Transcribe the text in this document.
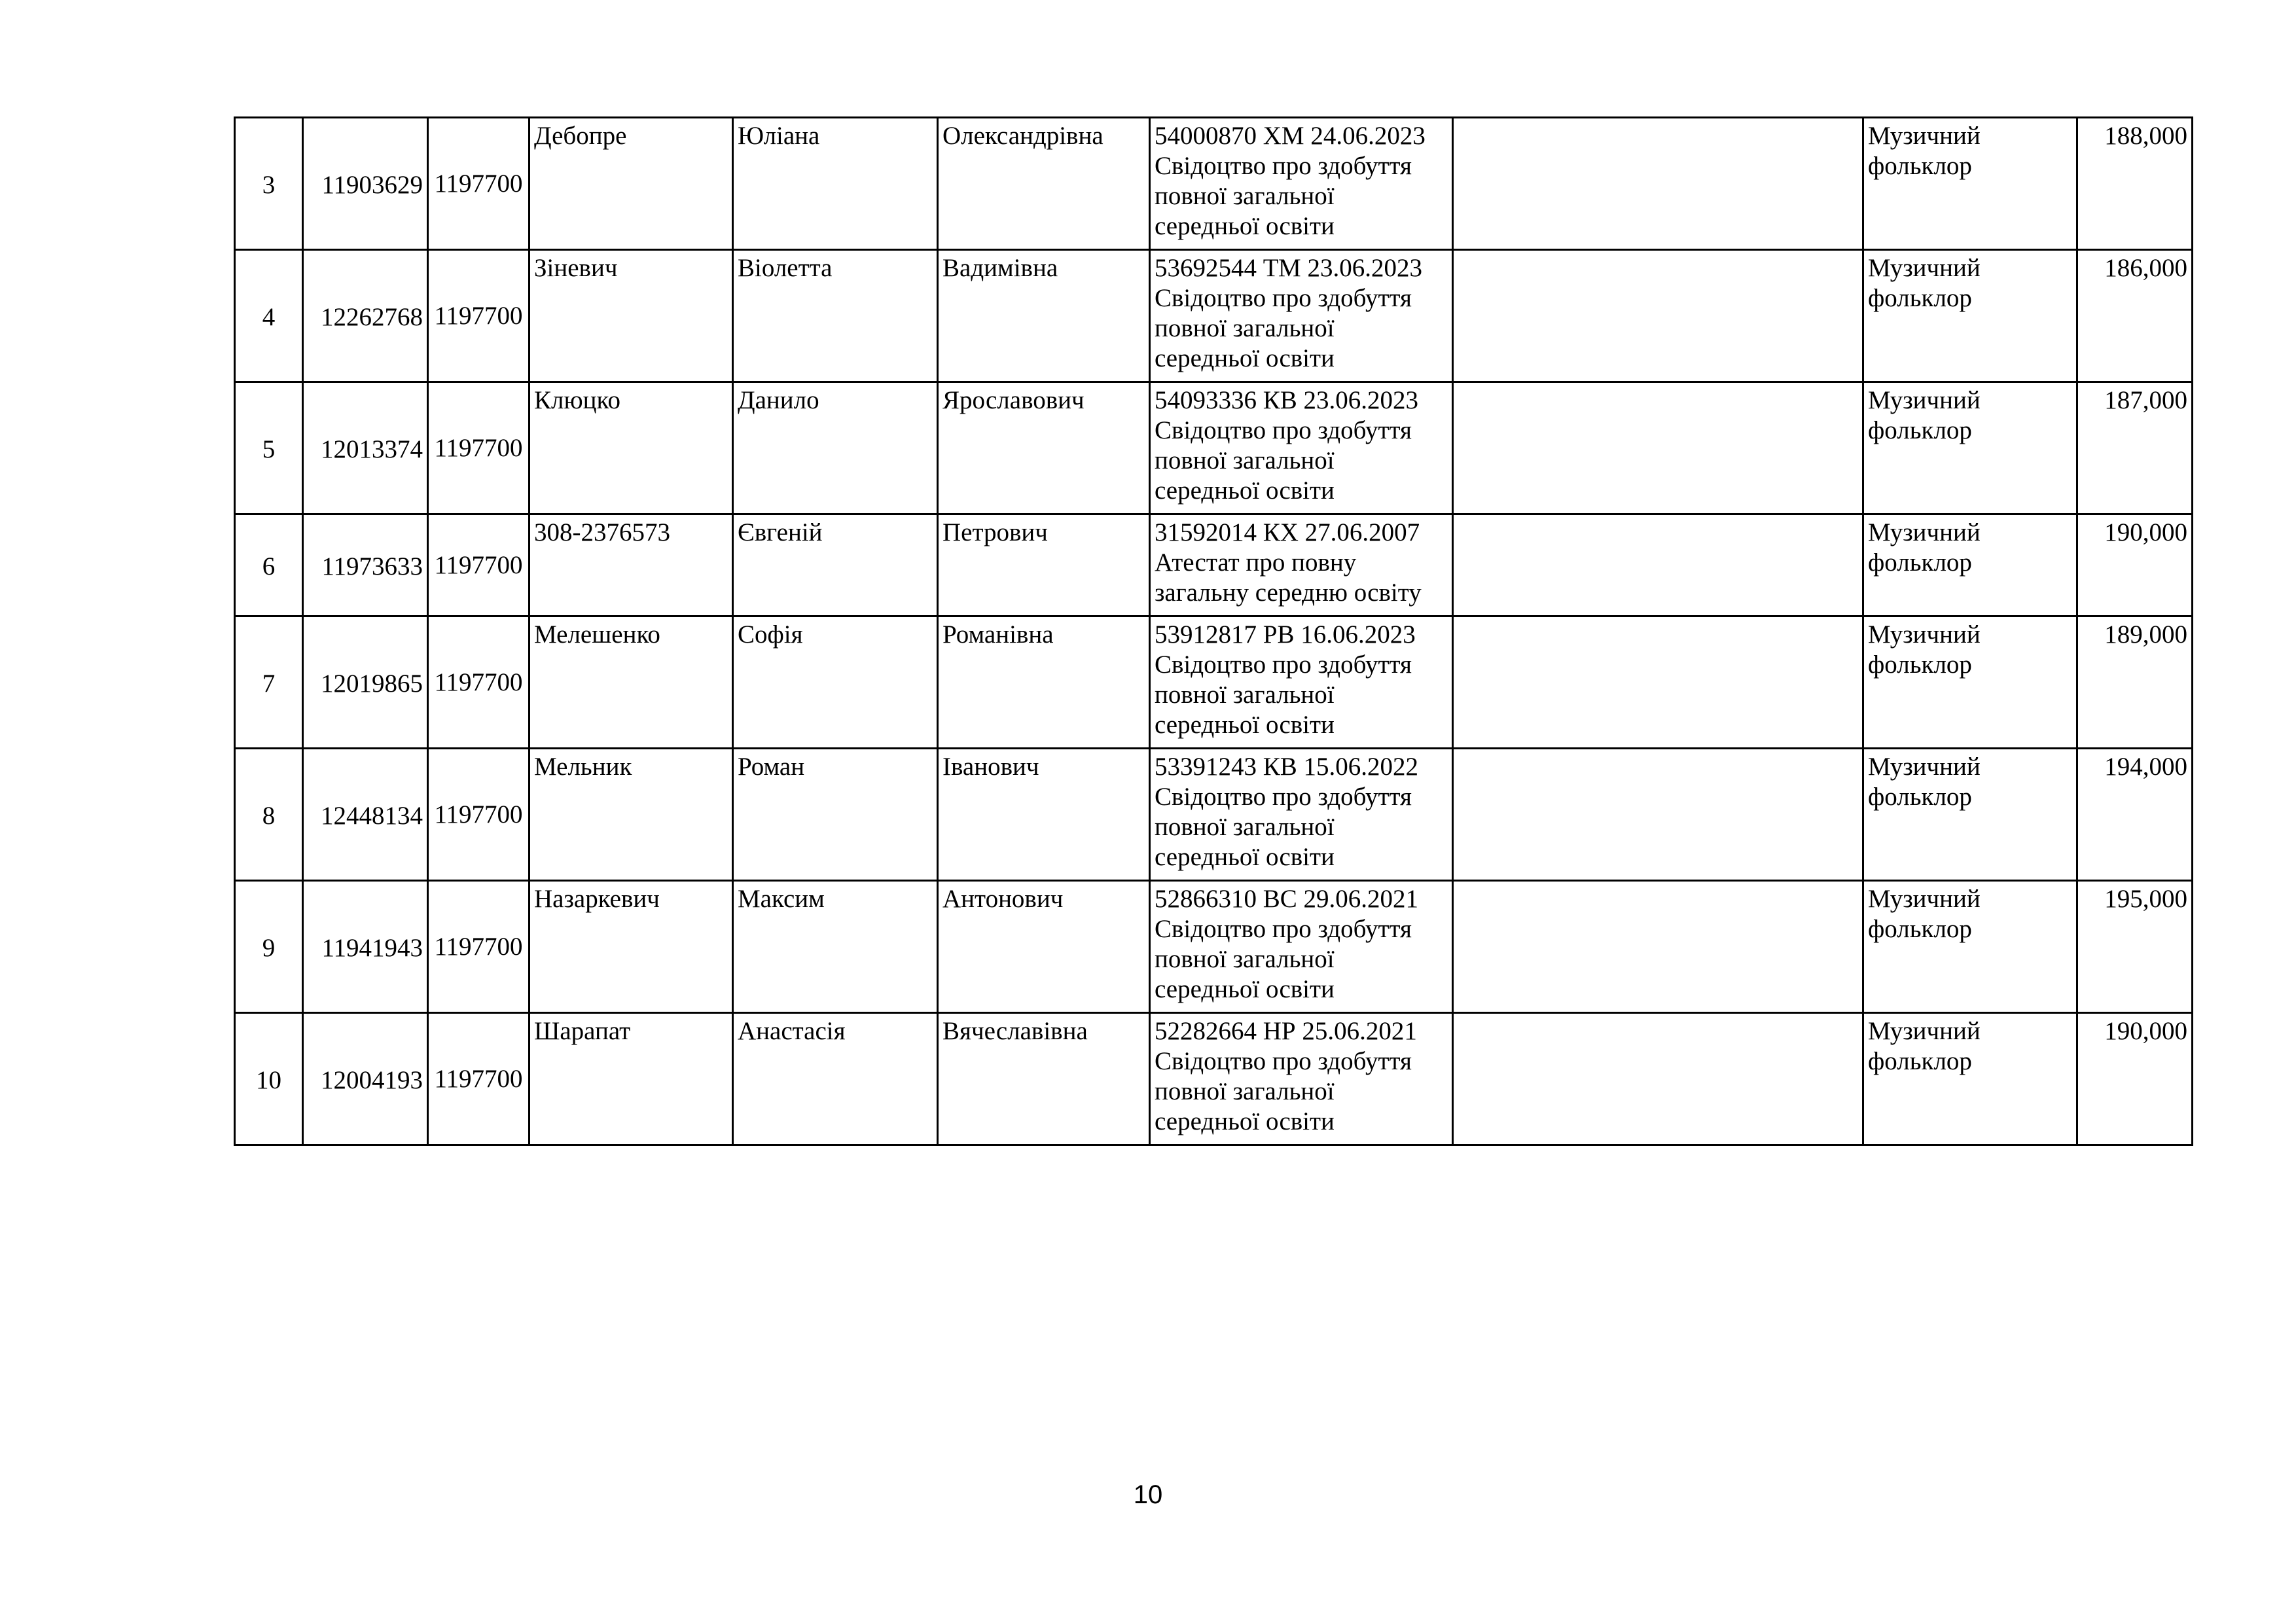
3	11903629	1197700	Дебопре	Юліана	Олександрівна	54000870 ХМ 24.06.2023
Свідоцтво про здобуття
повної загальної
середньої освіти		Музичний фольклор	188,000
4	12262768	1197700	Зіневич	Віолетта	Вадимівна	53692544 ТМ 23.06.2023
Свідоцтво про здобуття
повної загальної
середньої освіти		Музичний фольклор	186,000
5	12013374	1197700	Клюцко	Данило	Ярославович	54093336 КВ 23.06.2023
Свідоцтво про здобуття
повної загальної
середньої освіти		Музичний фольклор	187,000
6	11973633	1197700	308-2376573	Євгеній	Петрович	31592014 КХ 27.06.2007
Атестат про повну
загальну середню освіту		Музичний фольклор	190,000
7	12019865	1197700	Мелешенко	Софія	Романівна	53912817 РВ 16.06.2023
Свідоцтво про здобуття
повної загальної
середньої освіти		Музичний фольклор	189,000
8	12448134	1197700	Мельник	Роман	Іванович	53391243 КВ 15.06.2022
Свідоцтво про здобуття
повної загальної
середньої освіти		Музичний фольклор	194,000
9	11941943	1197700	Назаркевич	Максим	Антонович	52866310 ВС 29.06.2021
Свідоцтво про здобуття
повної загальної
середньої освіти		Музичний фольклор	195,000
10	12004193	1197700	Шарапат	Анастасія	Вячеславівна	52282664 НР 25.06.2021
Свідоцтво про здобуття
повної загальної
середньої освіти		Музичний фольклор	190,000
10
